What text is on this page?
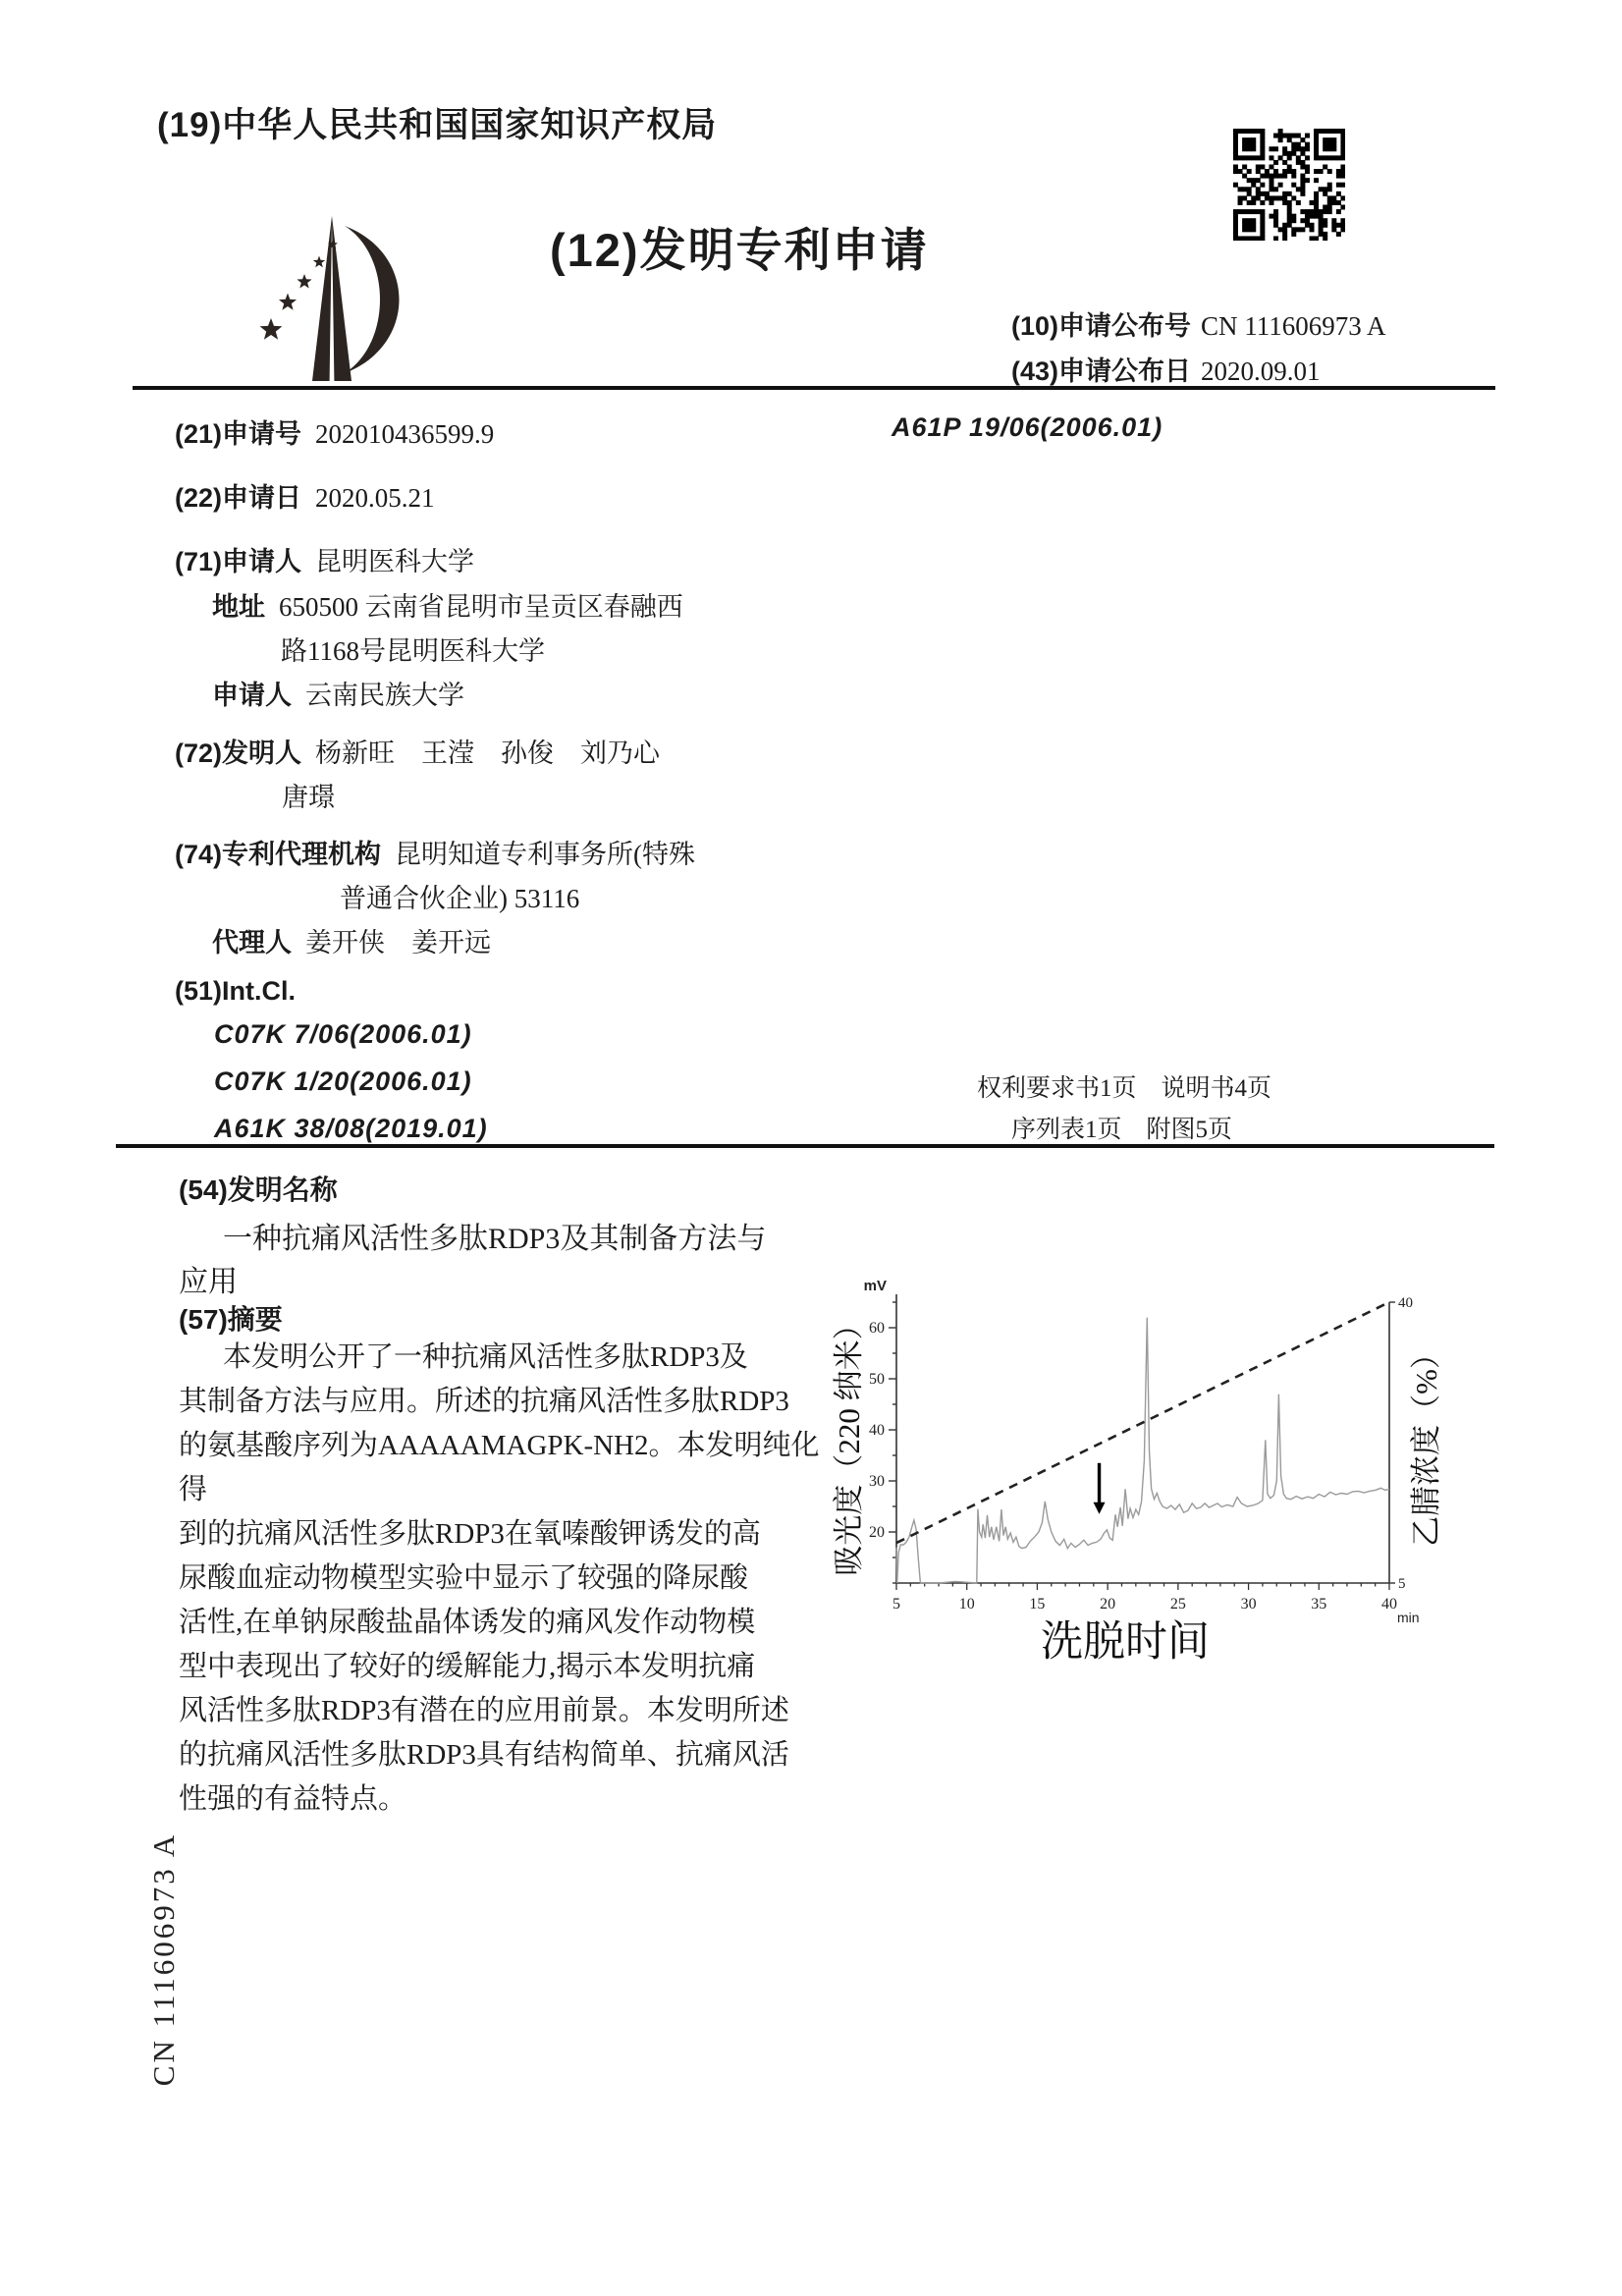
(19)中华人民共和国国家知识产权局
(12)发明专利申请
(10)申请公布号 CN 111606973 A
(43)申请公布日 2020.09.01
(21)申请号 202010436599.9
(22)申请日 2020.05.21
(71)申请人 昆明医科大学
地址 650500 云南省昆明市呈贡区春融西
路1168号昆明医科大学
申请人 云南民族大学
(72)发明人 杨新旺　王滢　孙俊　刘乃心
唐璟
(74)专利代理机构 昆明知道专利事务所(特殊
普通合伙企业) 53116
代理人 姜开侠　姜开远
(51)Int.Cl.
C07K 7/06(2006.01)
C07K 1/20(2006.01)
A61K 38/08(2019.01)
A61P 19/06(2006.01)
权利要求书1页　说明书4页
序列表1页　附图5页
(54)发明名称
一种抗痛风活性多肽RDP3及其制备方法与
应用
(57)摘要
本发明公开了一种抗痛风活性多肽RDP3及
其制备方法与应用。所述的抗痛风活性多肽RDP3
的氨基酸序列为AAAAAMAGPK-NH2。本发明纯化得
到的抗痛风活性多肽RDP3在氧嗪酸钾诱发的高
尿酸血症动物模型实验中显示了较强的降尿酸
活性,在单钠尿酸盐晶体诱发的痛风发作动物模
型中表现出了较好的缓解能力,揭示本发明抗痛
风活性多肽RDP3有潜在的应用前景。本发明所述
的抗痛风活性多肽RDP3具有结构简单、抗痛风活
性强的有益特点。
20
30
40
50
60
5	10	15	20	25	30	35	40
5
40
mV
min
吸光度（220 纳米）	乙腈浓度（%）
洗脱时间
CN 111606973 A
